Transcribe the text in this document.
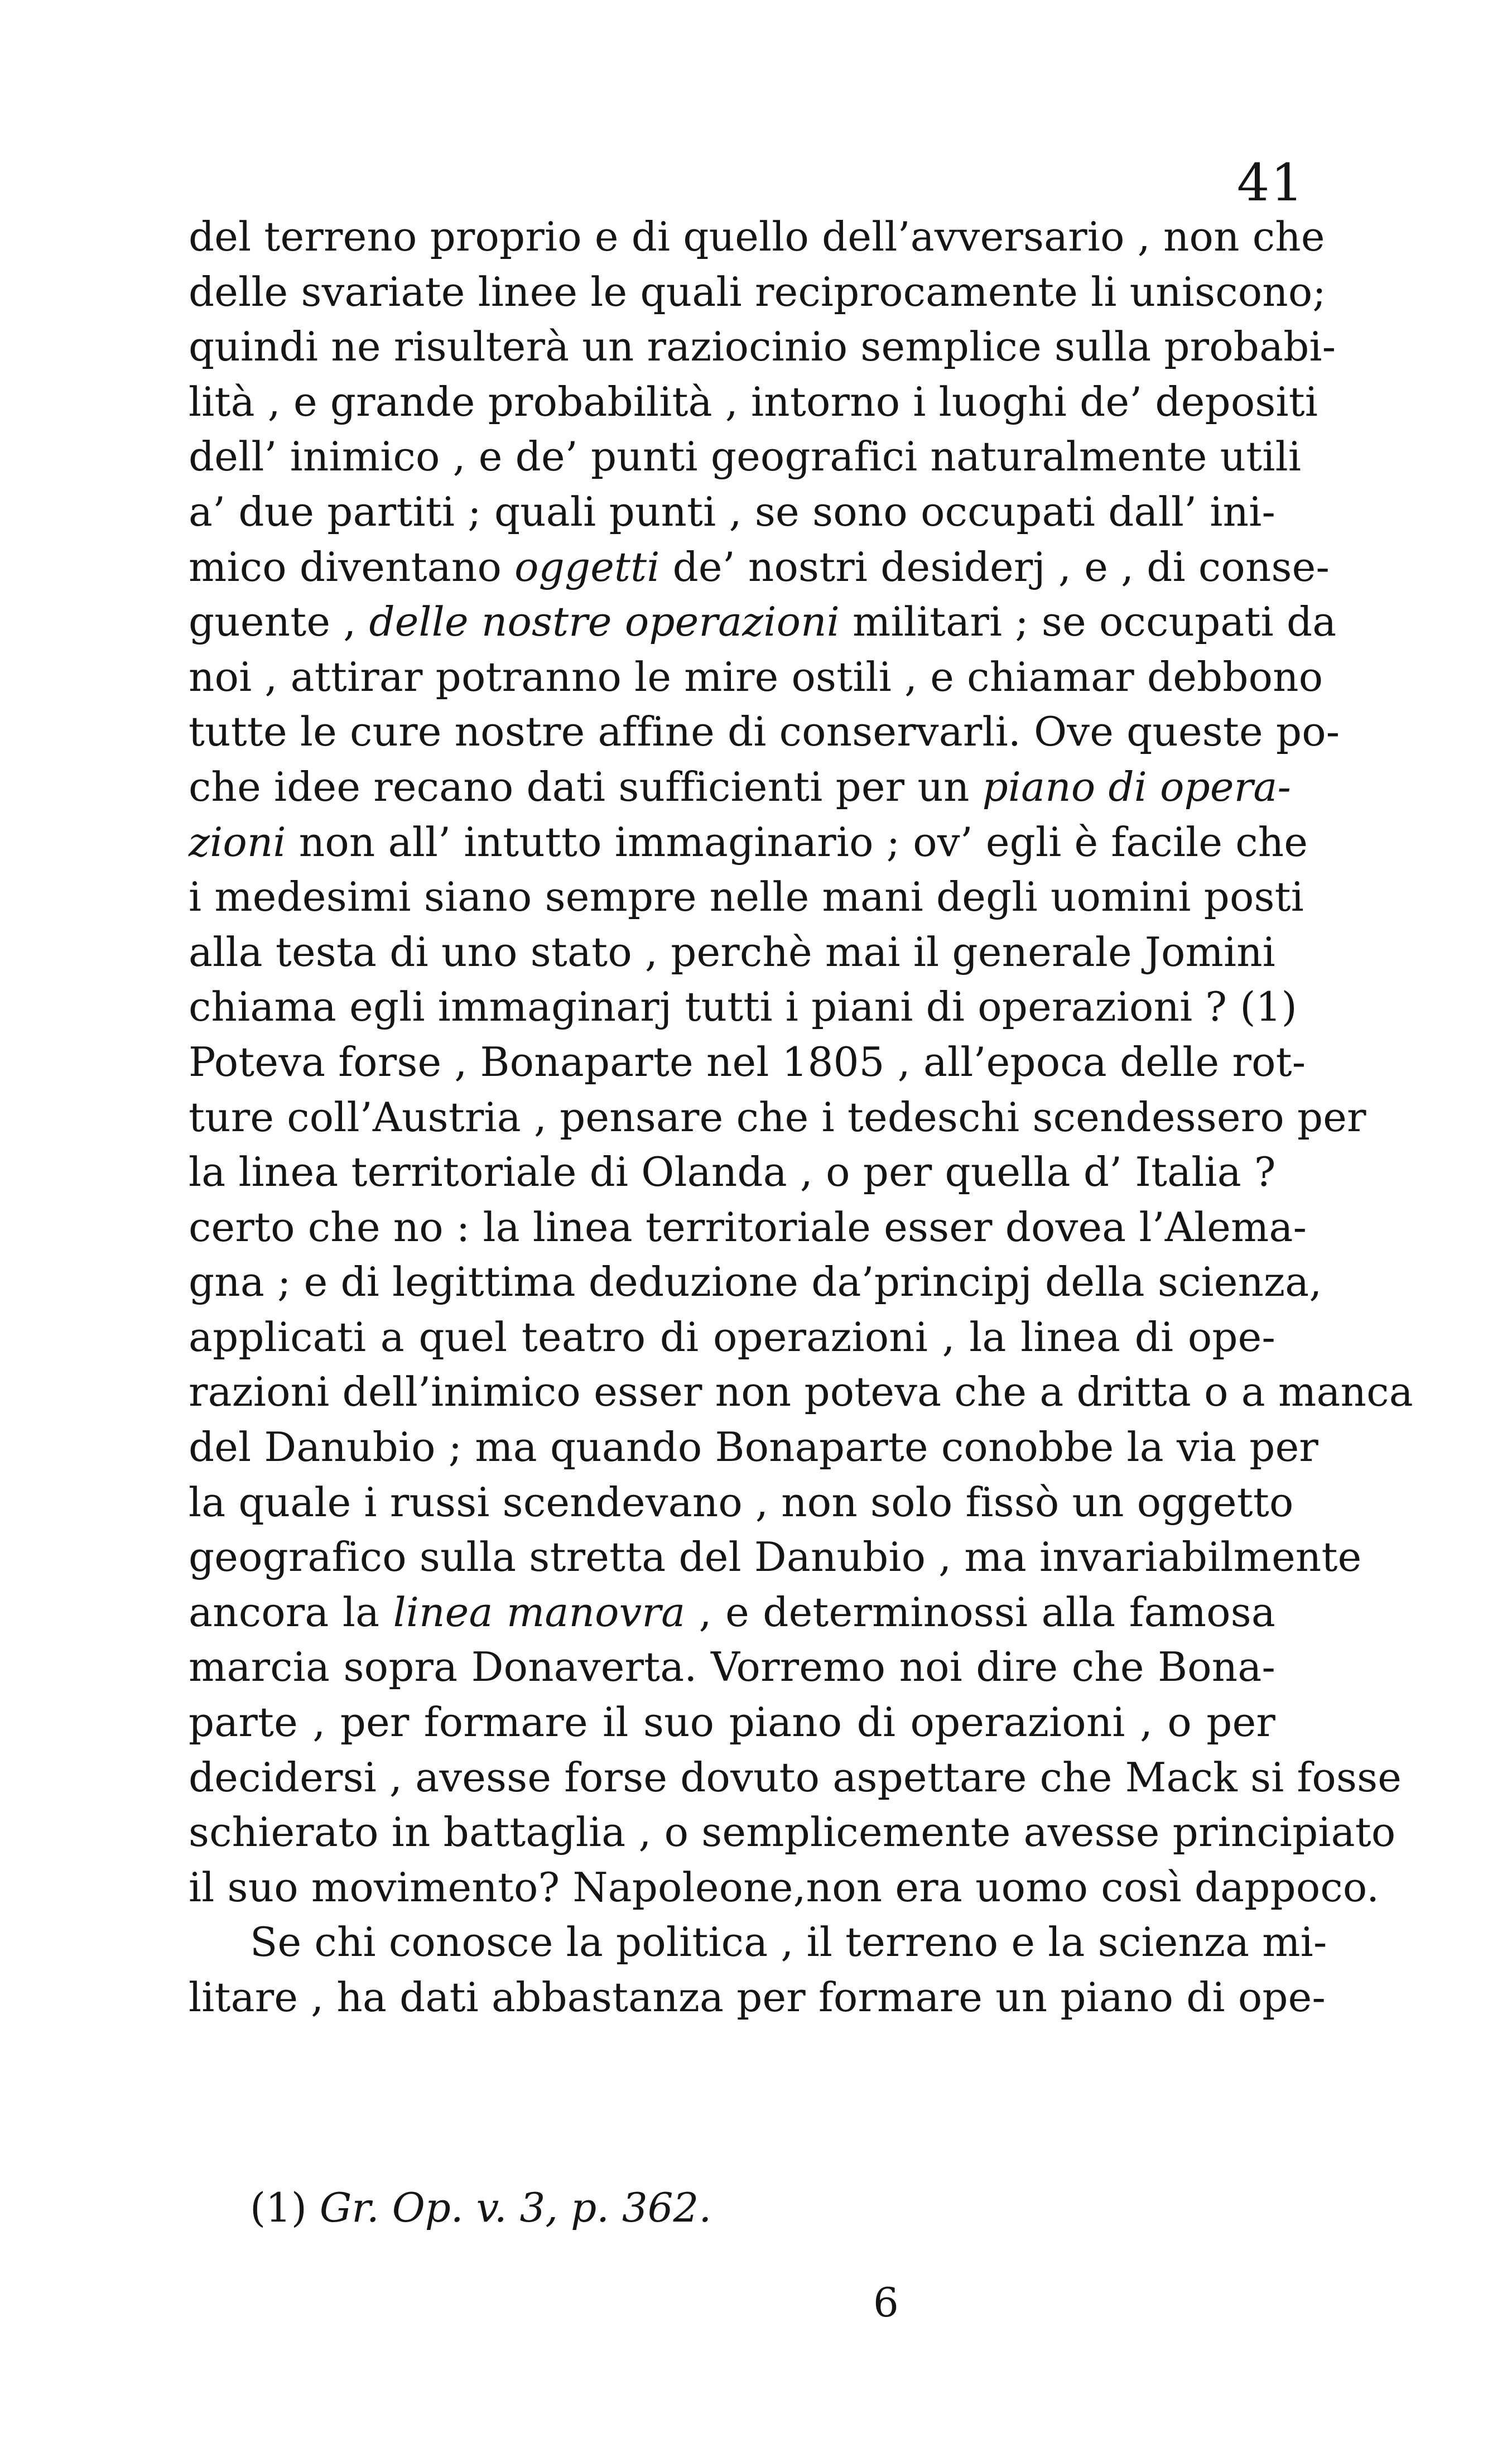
41
del terreno proprio e di quello dell’avversario , non che
delle svariate linee le quali reciprocamente li uniscono;
quindi ne risulterà un raziocinio semplice sulla probabi-
lità , e grande probabilità , intorno i luoghi de’ depositi
dell’ inimico , e de’ punti geografici naturalmente utili
a’ due partiti ; quali punti , se sono occupati dall’ ini-
mico diventano oggetti de’ nostri desiderj , e , di conse-
guente , delle nostre operazioni militari ; se occupati da
noi , attirar potranno le mire ostili , e chiamar debbono
tutte le cure nostre affine di conservarli. Ove queste po-
che idee recano dati sufficienti per un piano di opera-
zioni non all’ intutto immaginario ; ov’ egli è facile che
i medesimi siano sempre nelle mani degli uomini posti
alla testa di uno stato , perchè mai il generale Jomini
chiama egli immaginarj tutti i piani di operazioni ? (1)
Poteva forse , Bonaparte nel 1805 , all’epoca delle rot-
ture coll’Austria , pensare che i tedeschi scendessero per
la linea territoriale di Olanda , o per quella d’ Italia ?
certo che no : la linea territoriale esser dovea l’Alema-
gna ; e di legittima deduzione da’principj della scienza,
applicati a quel teatro di operazioni , la linea di ope-
razioni dell’inimico esser non poteva che a dritta o a manca
del Danubio ; ma quando Bonaparte conobbe la via per
la quale i russi scendevano , non solo fissò un oggetto
geografico sulla stretta del Danubio , ma invariabilmente
ancora la linea manovra , e determinossi alla famosa
marcia sopra Donaverta. Vorremo noi dire che Bona-
parte , per formare il suo piano di operazioni , o per
decidersi , avesse forse dovuto aspettare che Mack si fosse
schierato in battaglia , o semplicemente avesse principiato
il suo movimento? Napoleone,non era uomo così dappoco.
Se chi conosce la politica , il terreno e la scienza mi-
litare , ha dati abbastanza per formare un piano di ope-
(1) Gr. Op. v. 3, p. 362.
6
